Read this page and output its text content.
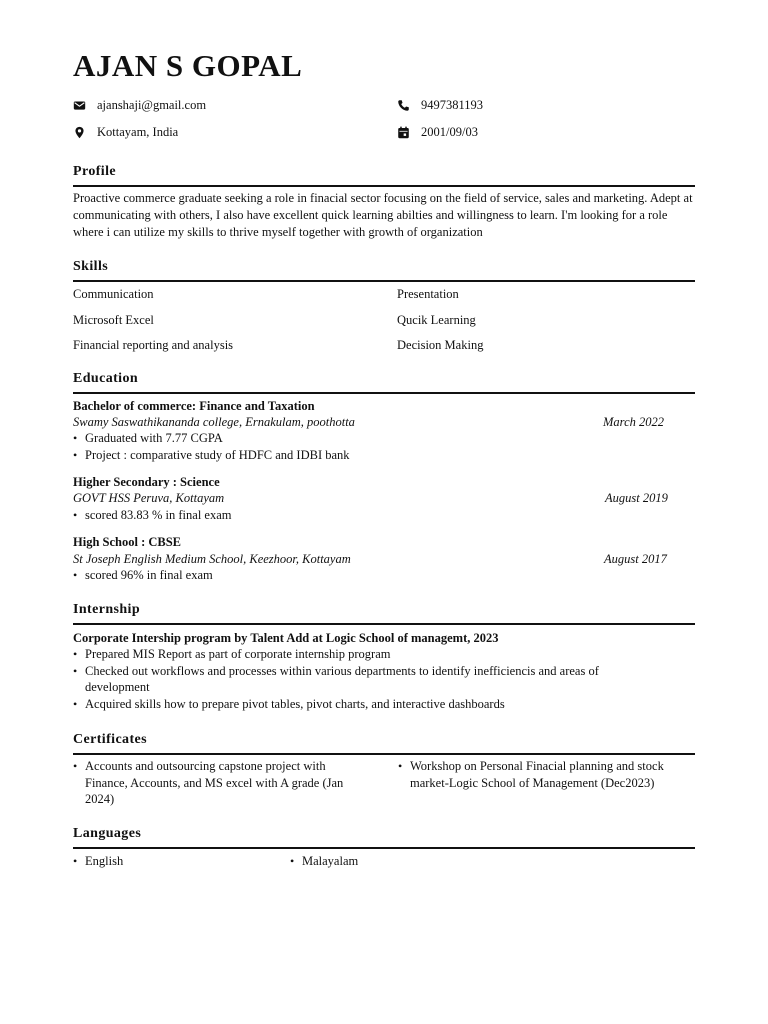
AJAN S GOPAL
ajanshaji@gmail.com	9497381193
Kottayam, India	2001/09/03
Profile

Proactive commerce graduate seeking a role in finacial sector focusing on the field of service, sales and marketing. Adept at communicating with others, I also have excellent quick learning abilties and willingness to learn. I'm looking for a role where i can utilize my skills to thrive myself together with growth of organization

Skills
Communication	Presentation
Microsoft Excel	Qucik Learning
Financial reporting and analysis	Decision Making
Education
Bachelor of commerce: Finance and Taxation
Swamy Saswathikananda college, Ernakulam, poothotta	March 2022
• Graduated with 7.77 CGPA
• Project : comparative study of HDFC and IDBI bank
Higher Secondary : Science
GOVT HSS Peruva, Kottayam	August 2019
• scored 83.83 % in final exam
High School : CBSE
St Joseph English Medium School, Keezhoor, Kottayam	August 2017
• scored 96% in final exam
Internship
Corporate Intership program by Talent Add at Logic School of managemt, 2023
• Prepared MIS Report as part of corporate internship program
• Checked out workflows and processes within various departments to identify inefficiencis and areas of development
• Acquired skills how to prepare pivot tables, pivot charts, and interactive dashboards
Certificates
• Accounts and outsourcing capstone project with Finance, Accounts, and MS excel with A grade (Jan 2024)
• Workshop on Personal Finacial planning and stock market-Logic School of Management (Dec2023)
Languages
• English
•	Malayalam
